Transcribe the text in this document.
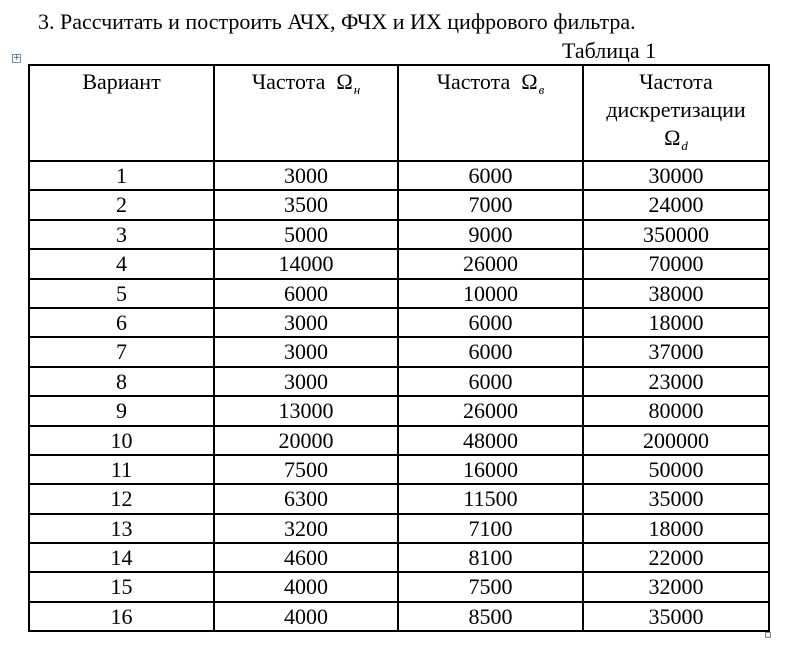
3. Рассчитать и построить АЧХ, ФЧХ и ИХ цифрового фильтра.
Таблица 1
+
Вариант	Частота $\Omega_н$	Частота $\Omega_в$	Частота
дискретизации
$\Omega_d$

1	3000	6000	30000
2	3500	7000	24000
3	5000	9000	350000
4	14000	26000	70000
5	6000	10000	38000
6	3000	6000	18000
7	3000	6000	37000
8	3000	6000	23000
9	13000	26000	80000
10	20000	48000	200000
11	7500	16000	50000
12	6300	11500	35000
13	3200	7100	18000
14	4600	8100	22000
15	4000	7500	32000
16	4000	8500	35000
